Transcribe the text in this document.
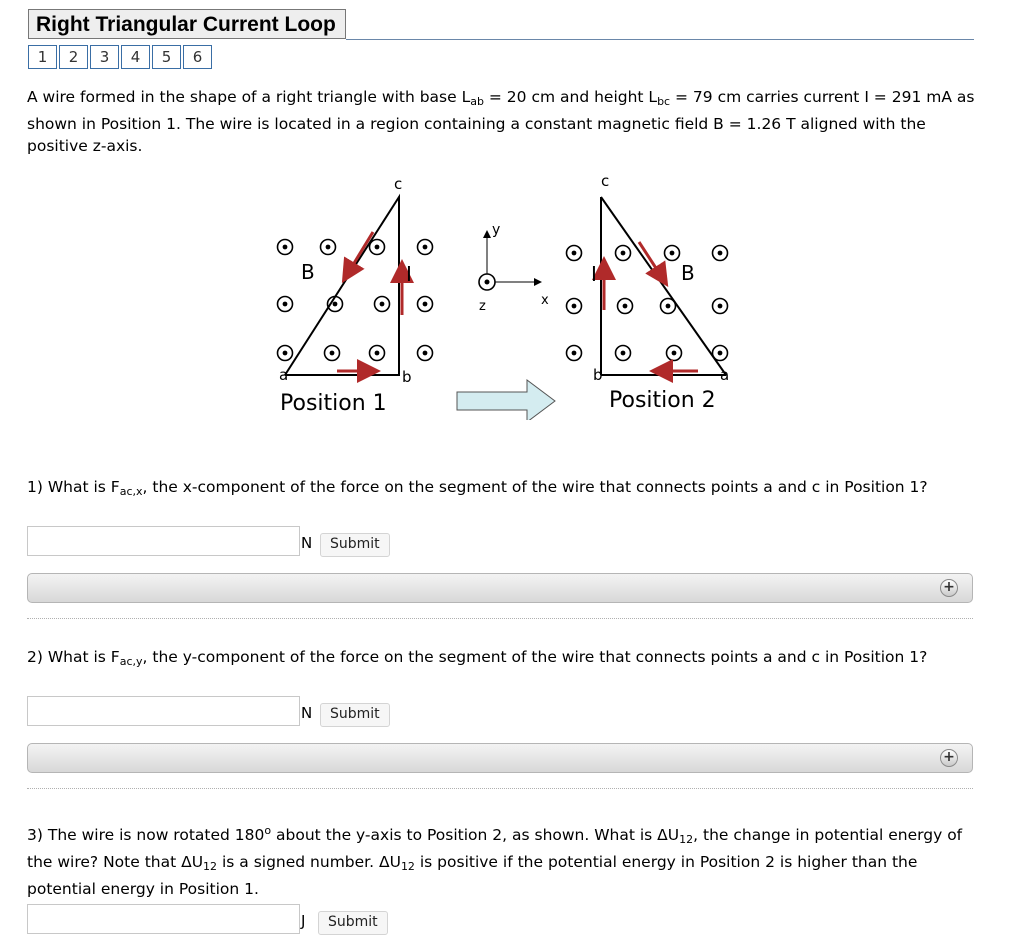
Right Triangular Current Loop
1	2	3	4	5	6
A wire formed in the shape of a right triangle with base $L_{ab} = 20$ cm and height $L_{bc} = 79$ cm carries current I = 291 mA as shown in Position 1. The wire is located in a region containing a constant magnetic field B = 1.26 T aligned with the positive z-axis.
a	b
c
B	I
Position 1
y
x
z
a
b
c
B
I
Position 2
1) What is $F_{ac,x}$, the x-component of the force on the segment of the wire that connects points a and c in Position 1?
N	Submit
+
2) What is $F_{ac,y}$, the y-component of the force on the segment of the wire that connects points a and c in Position 1?
N	Submit
+
3) The wire is now rotated 180$^o$ about the y-axis to Position 2, as shown. What is $\Delta U_{12}$, the change in potential energy of the wire? Note that $\Delta U_{12}$ is a signed number. $\Delta U_{12}$ is positive if the potential energy in Position 2 is higher than the potential energy in Position 1.
J	Submit
